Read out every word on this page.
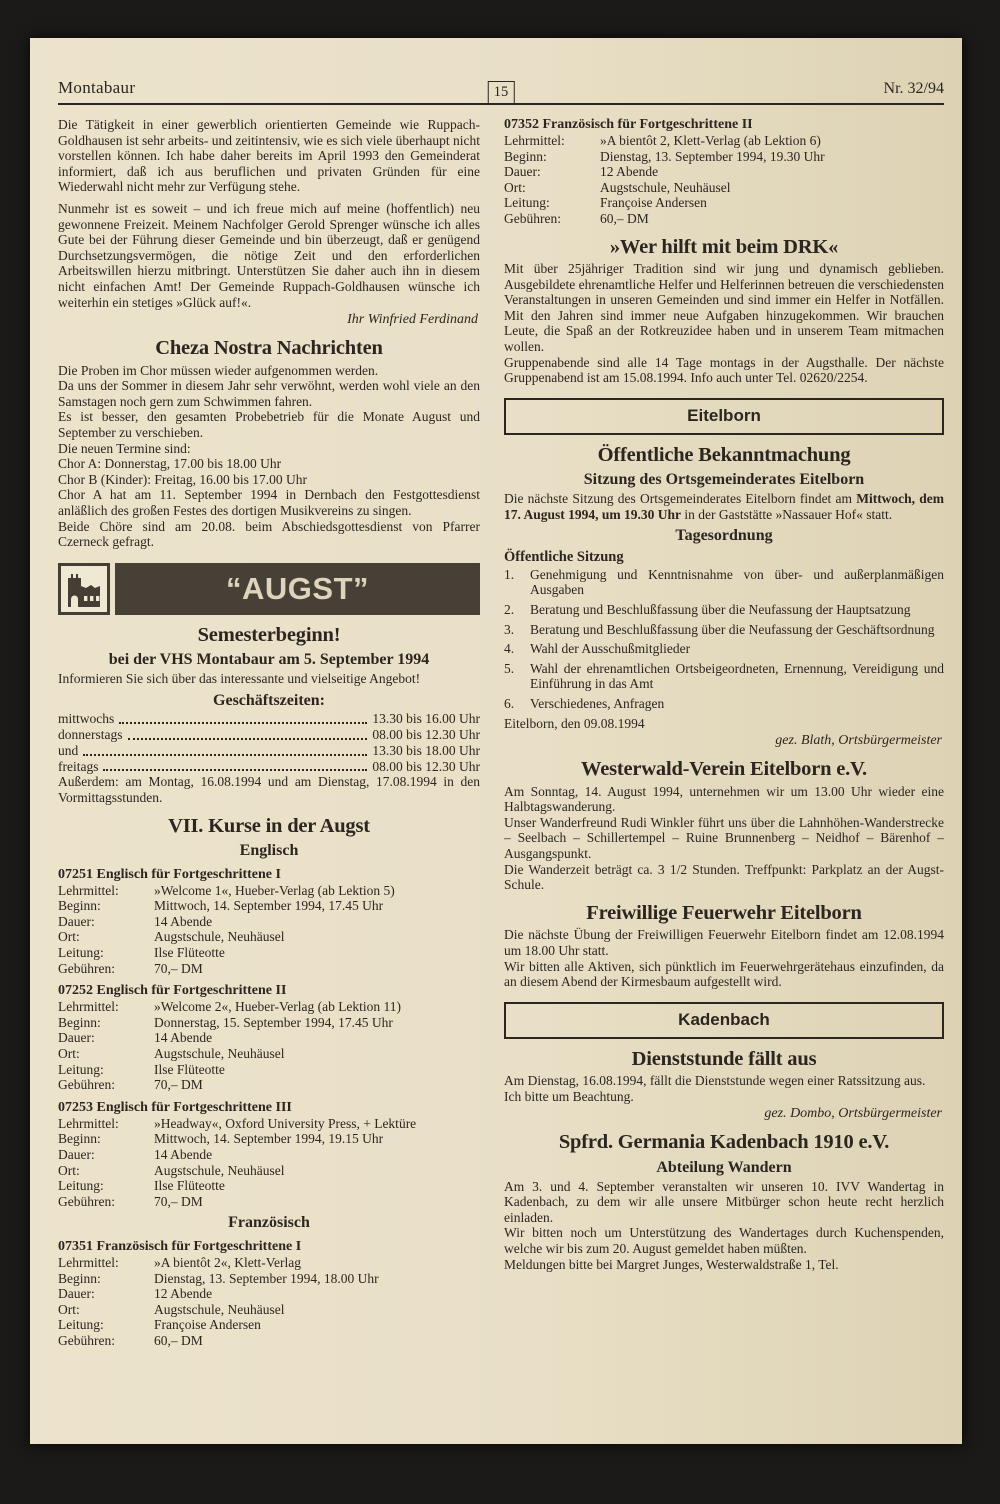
Montabaur	15	Nr. 32/94

Die Tätigkeit in einer gewerblich orientierten Gemeinde wie Ruppach-Goldhausen ist sehr arbeits- und zeitintensiv, wie es sich viele überhaupt nicht vorstellen können. Ich habe daher bereits im April 1993 den Gemeinderat informiert, daß ich aus beruflichen und privaten Gründen für eine Wiederwahl nicht mehr zur Verfügung stehe.

Nunmehr ist es soweit – und ich freue mich auf meine (hoffentlich) neu gewonnene Freizeit. Meinem Nachfolger Gerold Sprenger wünsche ich alles Gute bei der Führung dieser Gemeinde und bin überzeugt, daß er genügend Durchsetzungsvermögen, die nötige Zeit und den erforderlichen Arbeitswillen hierzu mitbringt. Unterstützen Sie daher auch ihn in diesem nicht einfachen Amt! Der Gemeinde Ruppach-Goldhausen wünsche ich weiterhin ein stetiges »Glück auf!«.

Ihr Winfried Ferdinand
Cheza Nostra Nachrichten

Die Proben im Chor müssen wieder aufgenommen werden.

Da uns der Sommer in diesem Jahr sehr verwöhnt, werden wohl viele an den Samstagen noch gern zum Schwimmen fahren.

Es ist besser, den gesamten Probebetrieb für die Monate August und September zu verschieben.

Die neuen Termine sind:

Chor A: Donnerstag, 17.00 bis 18.00 Uhr

Chor B (Kinder): Freitag, 16.00 bis 17.00 Uhr

Chor A hat am 11. September 1994 in Dernbach den Festgottesdienst anläßlich des großen Festes des dortigen Musikvereins zu singen.

Beide Chöre sind am 20.08. beim Abschiedsgottesdienst von Pfarrer Czerneck gefragt.

“AUGST”
Semesterbeginn!
bei der VHS Montabaur am 5. September 1994

Informieren Sie sich über das interessante und vielseitige Angebot!

Geschäftszeiten:
mittwochs	13.30 bis 16.00 Uhr
donnerstags	08.00 bis 12.30 Uhr
und	13.30 bis 18.00 Uhr
freitags	08.00 bis 12.30 Uhr

Außerdem: am Montag, 16.08.1994 und am Dienstag, 17.08.1994 in den Vormittagsstunden.

VII. Kurse in der Augst
Englisch
07251 Englisch für Fortgeschrittene I
Lehrmittel:	»Welcome 1«, Hueber-Verlag (ab Lektion 5)
Beginn:	Mittwoch, 14. September 1994, 17.45 Uhr
Dauer:	14 Abende
Ort:	Augstschule, Neuhäusel
Leitung:	Ilse Flüteotte
Gebühren:	70,– DM
07252 Englisch für Fortgeschrittene II
Lehrmittel:	»Welcome 2«, Hueber-Verlag (ab Lektion 11)
Beginn:	Donnerstag, 15. September 1994, 17.45 Uhr
Dauer:	14 Abende
Ort:	Augstschule, Neuhäusel
Leitung:	Ilse Flüteotte
Gebühren:	70,– DM
07253 Englisch für Fortgeschrittene III
Lehrmittel:	»Headway«, Oxford University Press, + Lektüre
Beginn:	Mittwoch, 14. September 1994, 19.15 Uhr
Dauer:	14 Abende
Ort:	Augstschule, Neuhäusel
Leitung:	Ilse Flüteotte
Gebühren:	70,– DM
Französisch
07351 Französisch für Fortgeschrittene I
Lehrmittel:	»A bientôt 2«, Klett-Verlag
Beginn:	Dienstag, 13. September 1994, 18.00 Uhr
Dauer:	12 Abende
Ort:	Augstschule, Neuhäusel
Leitung:	Françoise Andersen
Gebühren:	60,– DM
07352 Französisch für Fortgeschrittene II
Lehrmittel:	»A bientôt 2, Klett-Verlag (ab Lektion 6)
Beginn:	Dienstag, 13. September 1994, 19.30 Uhr
Dauer:	12 Abende
Ort:	Augstschule, Neuhäusel
Leitung:	Françoise Andersen
Gebühren:	60,– DM
»Wer hilft mit beim DRK«

Mit über 25jähriger Tradition sind wir jung und dynamisch geblieben. Ausgebildete ehrenamtliche Helfer und Helferinnen betreuen die verschiedensten Veranstaltungen in unseren Gemeinden und sind immer ein Helfer in Notfällen. Mit den Jahren sind immer neue Aufgaben hinzugekommen. Wir brauchen Leute, die Spaß an der Rotkreuzidee haben und in unserem Team mitmachen wollen.

Gruppenabende sind alle 14 Tage montags in der Augsthalle. Der nächste Gruppenabend ist am 15.08.1994. Info auch unter Tel. 02620/2254.

Eitelborn
Öffentliche Bekanntmachung
Sitzung des Ortsgemeinderates Eitelborn

Die nächste Sitzung des Ortsgemeinderates Eitelborn findet am Mittwoch, dem 17. August 1994, um 19.30 Uhr in der Gaststätte »Nassauer Hof« statt.

Tagesordnung
Öffentliche Sitzung
1.	Genehmigung und Kenntnisnahme von über- und außerplanmäßigen Ausgaben
2.	Beratung und Beschlußfassung über die Neufassung der Hauptsatzung
3.	Beratung und Beschlußfassung über die Neufassung der Geschäftsordnung
4.	Wahl der Ausschußmitglieder
5.	Wahl der ehrenamtlichen Ortsbeigeordneten, Ernennung, Vereidigung und Einführung in das Amt
6.	Verschiedenes, Anfragen

Eitelborn, den 09.08.1994

gez. Blath, Ortsbürgermeister
Westerwald-Verein Eitelborn e.V.

Am Sonntag, 14. August 1994, unternehmen wir um 13.00 Uhr wieder eine Halbtagswanderung.

Unser Wanderfreund Rudi Winkler führt uns über die Lahnhöhen-Wanderstrecke – Seelbach – Schillertempel – Ruine Brunnenberg – Neidhof – Bärenhof – Ausgangspunkt.

Die Wanderzeit beträgt ca. 3 1/2 Stunden. Treffpunkt: Parkplatz an der Augst-Schule.

Freiwillige Feuerwehr Eitelborn

Die nächste Übung der Freiwilligen Feuerwehr Eitelborn findet am 12.08.1994 um 18.00 Uhr statt.

Wir bitten alle Aktiven, sich pünktlich im Feuerwehrgerätehaus einzufinden, da an diesem Abend der Kirmesbaum aufgestellt wird.

Kadenbach
Dienststunde fällt aus

Am Dienstag, 16.08.1994, fällt die Dienststunde wegen einer Ratssitzung aus.

Ich bitte um Beachtung.

gez. Dombo, Ortsbürgermeister
Spfrd. Germania Kadenbach 1910 e.V.
Abteilung Wandern

Am 3. und 4. September veranstalten wir unseren 10. IVV Wandertag in Kadenbach, zu dem wir alle unsere Mitbürger schon heute recht herzlich einladen.

Wir bitten noch um Unterstützung des Wandertages durch Kuchenspenden, welche wir bis zum 20. August gemeldet haben müßten.

Meldungen bitte bei Margret Junges, Westerwaldstraße 1, Tel.
